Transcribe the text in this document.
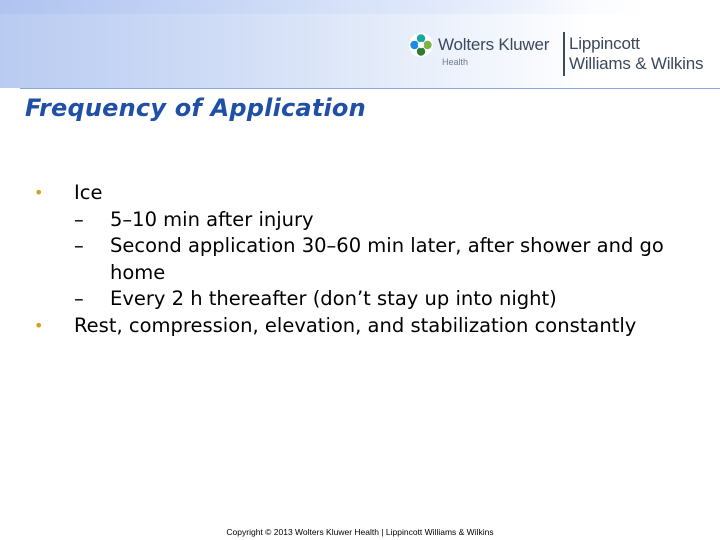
Wolters Kluwer
Health
Lippincott
Williams & Wilkins
Frequency of Application
• Ice
– 5–10 min after injury
– Second application 30–60 min later, after shower and go home
– Every 2 h thereafter (don’t stay up into night)
• Rest, compression, elevation, and stabilization constantly
Copyright © 2013 Wolters Kluwer Health | Lippincott Williams & Wilkins
